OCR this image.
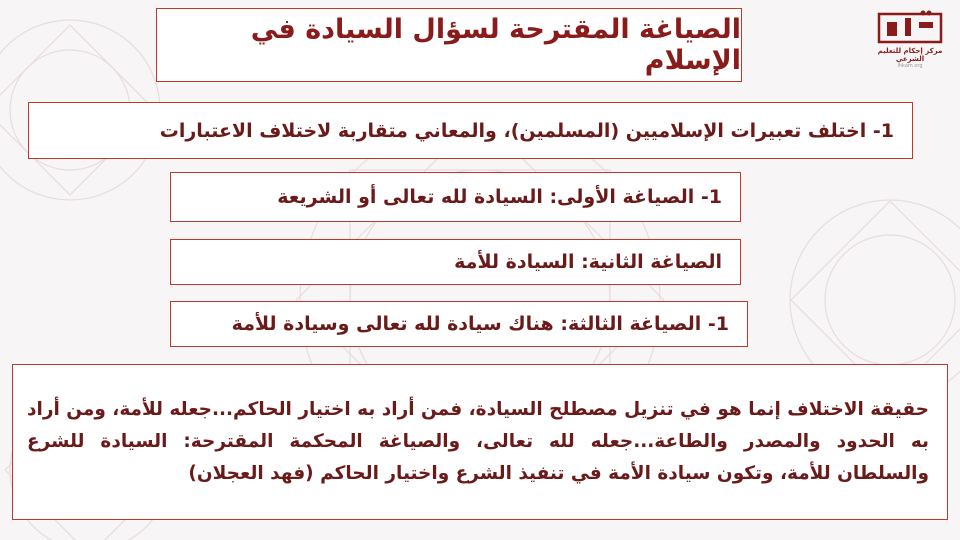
مركز إحكام للتعليم الشرعي
ihkam.org
الصياغة المقترحة لسؤال السيادة في الإسلام
1- اختلف تعبيرات الإسلاميين (المسلمين)، والمعاني متقاربة لاختلاف الاعتبارات
1- الصياغة الأولى: السيادة لله تعالى أو الشريعة
الصياغة الثانية: السيادة للأمة
1- الصياغة الثالثة: هناك سيادة لله تعالى وسيادة للأمة

حقيقة الاختلاف إنما هو في تنزيل مصطلح السيادة، فمن أراد به اختيار الحاكم...جعله للأمة، ومن أراد به الحدود والمصدر والطاعة...جعله لله تعالى، والصياغة المحكمة المقترحة: السيادة للشرع والسلطان للأمة، وتكون سيادة الأمة في تنفيذ الشرع واختيار الحاكم (فهد العجلان)
